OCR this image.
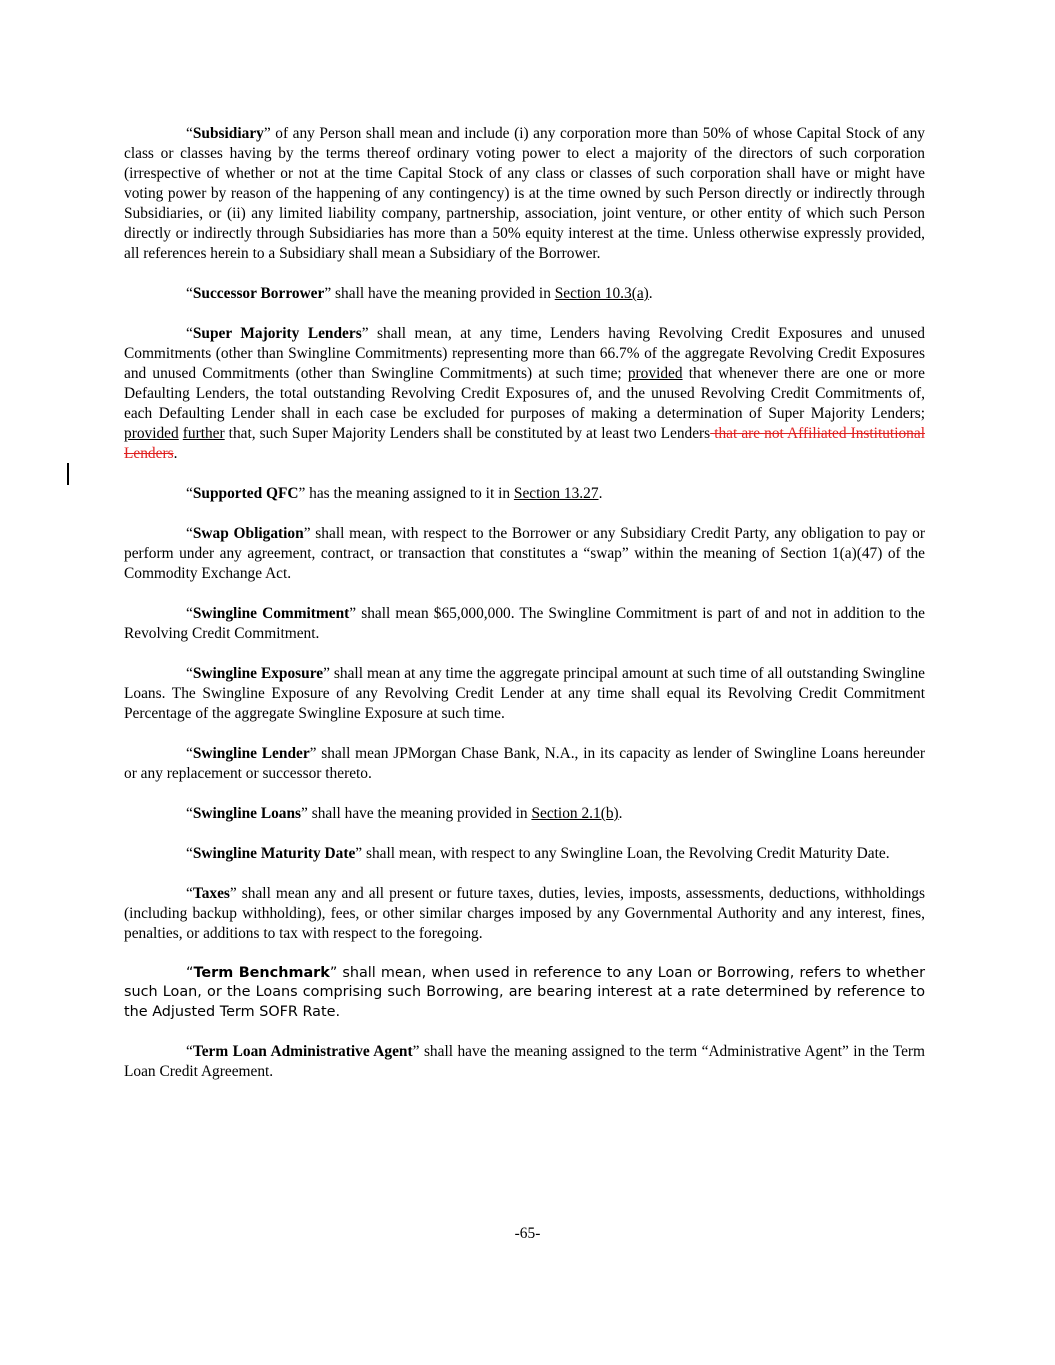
“Subsidiary” of any Person shall mean and include (i) any corporation more than 50% of whose Capital Stock of any class or classes having by the terms thereof ordinary voting power to elect a majority of the directors of such corporation (irrespective of whether or not at the time Capital Stock of any class or classes of such corporation shall have or might have voting power by reason of the happening of any contingency) is at the time owned by such Person directly or indirectly through Subsidiaries, or (ii) any limited liability company, partnership, association, joint venture, or other entity of which such Person directly or indirectly through Subsidiaries has more than a 50% equity interest at the time. Unless otherwise expressly provided, all references herein to a Subsidiary shall mean a Subsidiary of the Borrower.

“Successor Borrower” shall have the meaning provided in Section 10.3(a).

“Super Majority Lenders” shall mean, at any time, Lenders having Revolving Credit Exposures and unused Commitments (other than Swingline Commitments) representing more than 66.7% of the aggregate Revolving Credit Exposures and unused Commitments (other than Swingline Commitments) at such time; provided that whenever there are one or more Defaulting Lenders, the total outstanding Revolving Credit Exposures of, and the unused Revolving Credit Commitments of, each Defaulting Lender shall in each case be excluded for purposes of making a determination of Super Majority Lenders; provided further that, such Super Majority Lenders shall be constituted by at least two Lenders that are not Affiliated Institutional Lenders.

“Supported QFC” has the meaning assigned to it in Section 13.27.

“Swap Obligation” shall mean, with respect to the Borrower or any Subsidiary Credit Party, any obligation to pay or perform under any agreement, contract, or transaction that constitutes a “swap” within the meaning of Section 1(a)(47) of the Commodity Exchange Act.

“Swingline Commitment” shall mean $65,000,000. The Swingline Commitment is part of and not in addition to the Revolving Credit Commitment.

“Swingline Exposure” shall mean at any time the aggregate principal amount at such time of all outstanding Swingline Loans. The Swingline Exposure of any Revolving Credit Lender at any time shall equal its Revolving Credit Commitment Percentage of the aggregate Swingline Exposure at such time.

“Swingline Lender” shall mean JPMorgan Chase Bank, N.A., in its capacity as lender of Swingline Loans hereunder or any replacement or successor thereto.

“Swingline Loans” shall have the meaning provided in Section 2.1(b).

“Swingline Maturity Date” shall mean, with respect to any Swingline Loan, the Revolving Credit Maturity Date.

“Taxes” shall mean any and all present or future taxes, duties, levies, imposts, assessments, deductions, withholdings (including backup withholding), fees, or other similar charges imposed by any Governmental Authority and any interest, fines, penalties, or additions to tax with respect to the foregoing.

“Term Benchmark” shall mean, when used in reference to any Loan or Borrowing, refers to whether such Loan, or the Loans comprising such Borrowing, are bearing interest at a rate determined by reference to the Adjusted Term SOFR Rate.

“Term Loan Administrative Agent” shall have the meaning assigned to the term “Administrative Agent” in the Term Loan Credit Agreement.

-65-
